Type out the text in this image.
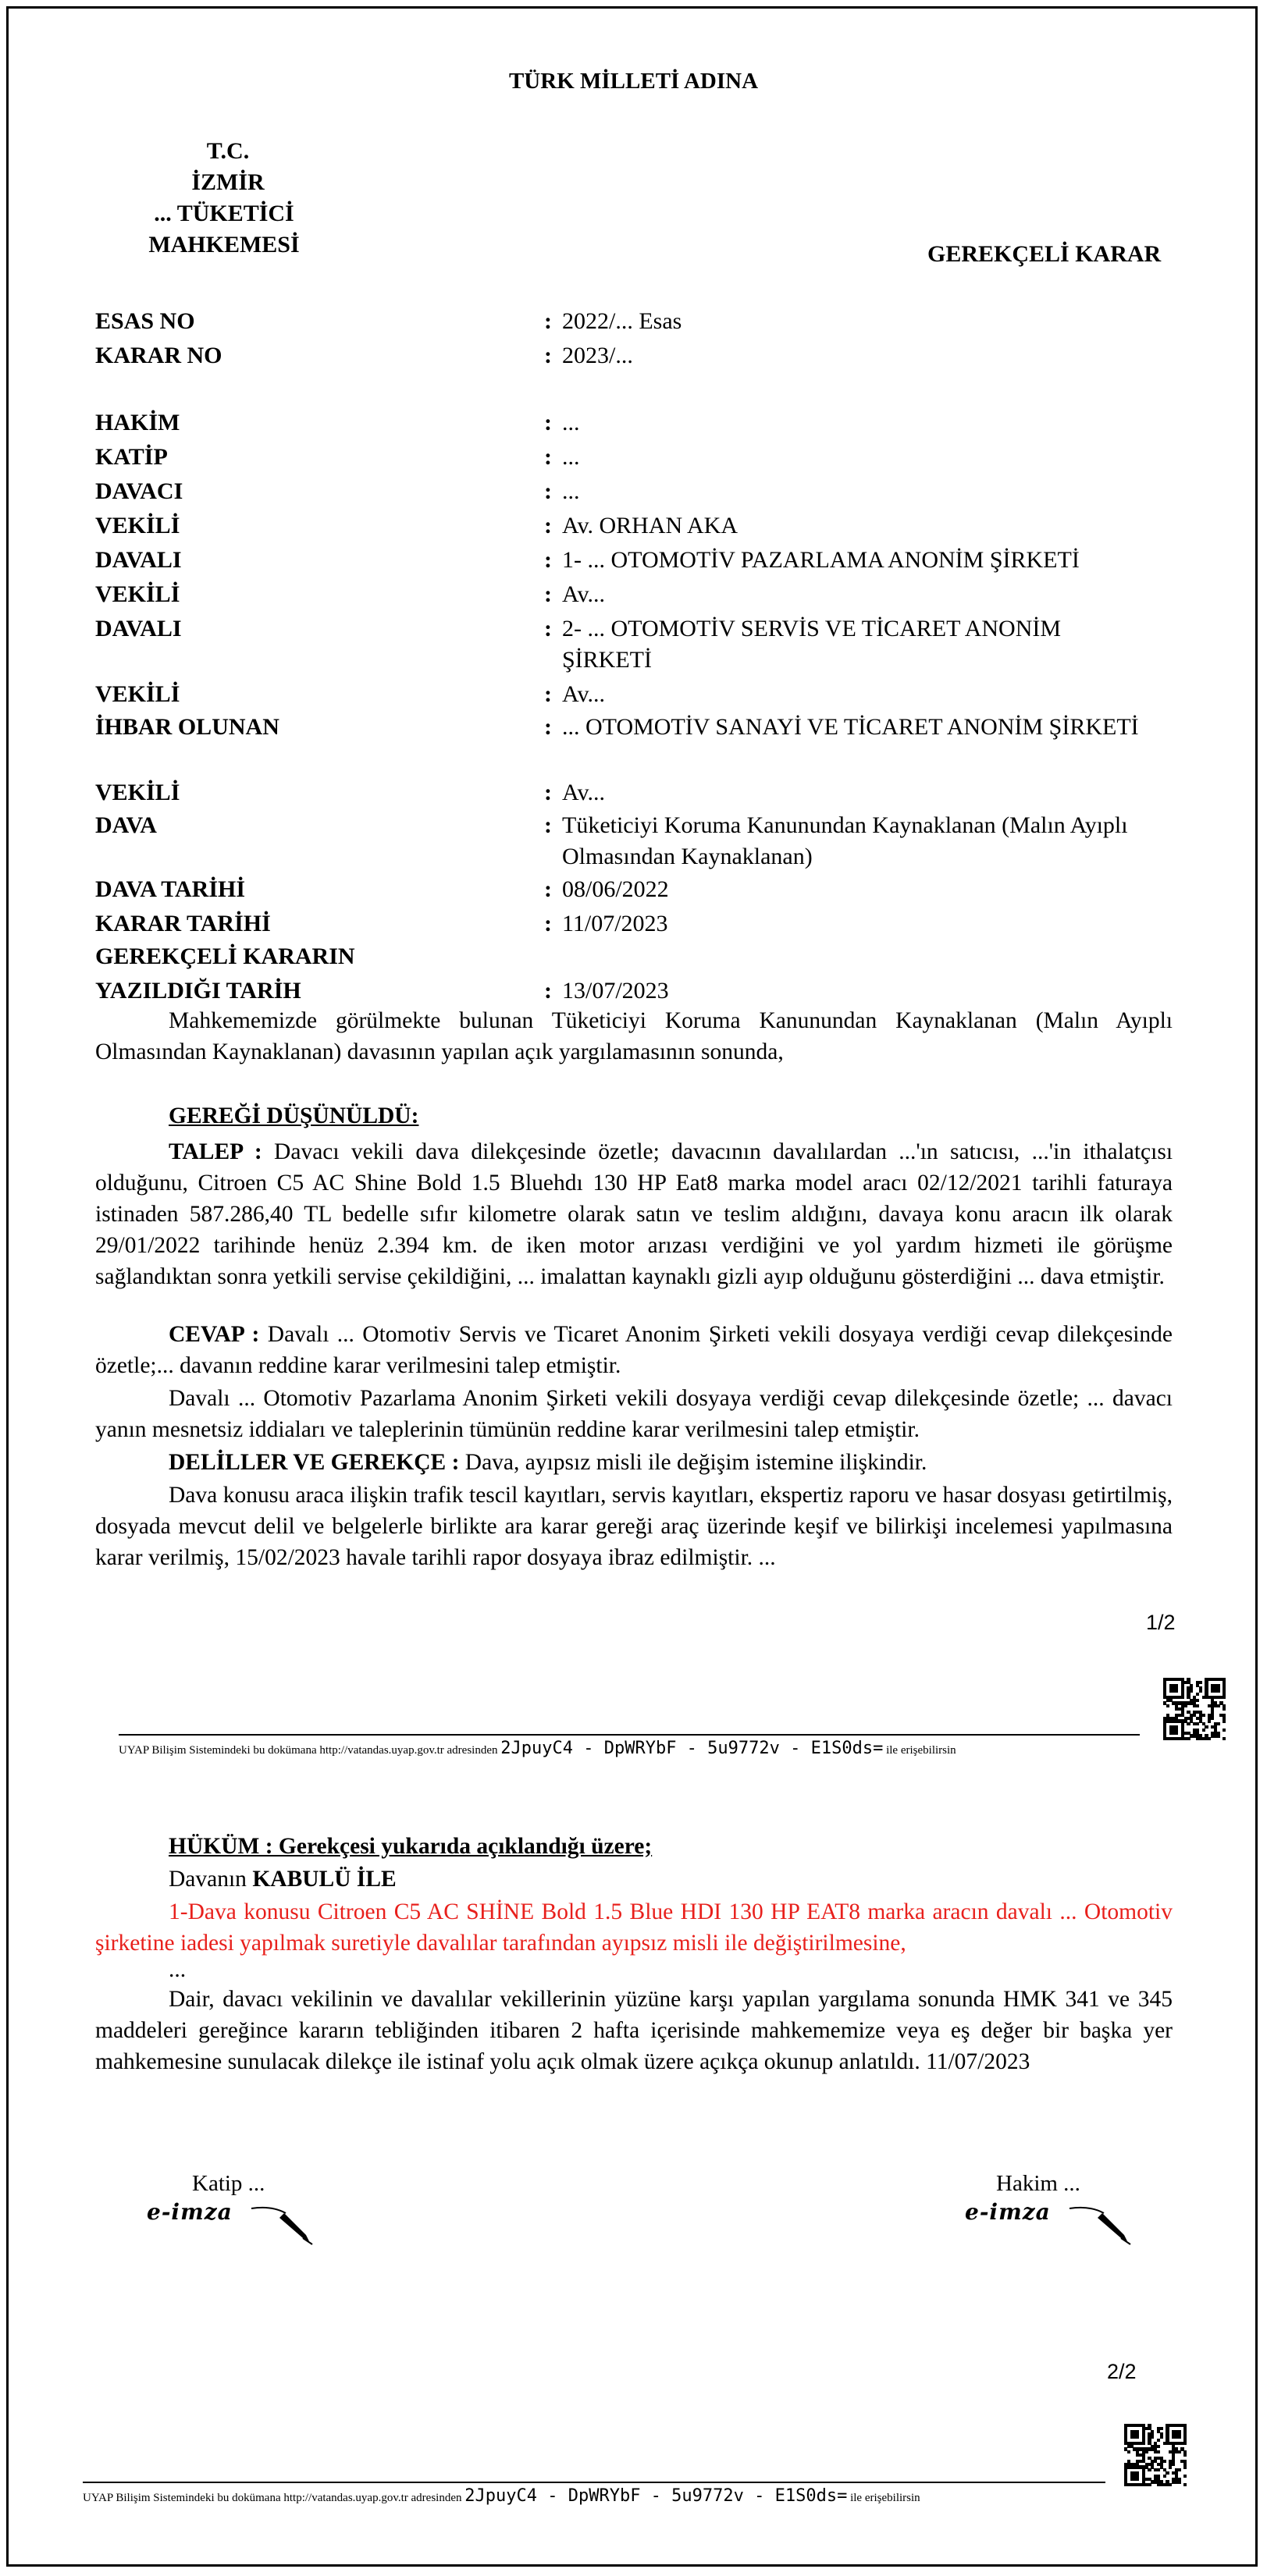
TÜRK MİLLETİ ADINA
T.C.
İZMİR
... TÜKETİCİ MAHKEMESİ	GEREKÇELİ KARAR
ESAS NO	: 2022/... Esas
KARAR NO	: 2023/...
HAKİM	: ...
KATİP	: ...
DAVACI	: ...
VEKİLİ	: Av. ORHAN AKA
DAVALI	: 1- ... OTOMOTİV PAZARLAMA ANONİM ŞİRKETİ
VEKİLİ	: Av...
DAVALI	: 2- ... OTOMOTİV SERVİS VE TİCARET ANONİM ŞİRKETİ
VEKİLİ	: Av...
İHBAR OLUNAN	: ... OTOMOTİV SANAYİ VE TİCARET ANONİM ŞİRKETİ
VEKİLİ	: Av...
DAVA	: Tüketiciyi Koruma Kanunundan Kaynaklanan (Malın Ayıplı Olmasından Kaynaklanan)
DAVA TARİHİ	: 08/06/2022
KARAR TARİHİ	: 11/07/2023
GEREKÇELİ KARARIN
YAZILDIĞI TARİH	: 13/07/2023
Mahkememizde görülmekte bulunan Tüketiciyi Koruma Kanunundan Kaynaklanan (Malın Ayıplı Olmasından Kaynaklanan) davasının yapılan açık yargılamasının sonunda,
GEREĞİ DÜŞÜNÜLDÜ:
TALEP : Davacı vekili dava dilekçesinde özetle; davacının davalılardan ...'ın satıcısı, ...'in ithalatçısı olduğunu, Citroen C5 AC Shine Bold 1.5 Bluehdı 130 HP Eat8 marka model aracı 02/12/2021 tarihli faturaya istinaden 587.286,40 TL bedelle sıfır kilometre olarak satın ve teslim aldığını, davaya konu aracın ilk olarak 29/01/2022 tarihinde henüz 2.394 km. de iken motor arızası verdiğini ve yol yardım hizmeti ile görüşme sağlandıktan sonra yetkili servise çekildiğini, ... imalattan kaynaklı gizli ayıp olduğunu gösterdiğini ... dava etmiştir.
CEVAP : Davalı ... Otomotiv Servis ve Ticaret Anonim Şirketi vekili dosyaya verdiği cevap dilekçesinde özetle;... davanın reddine karar verilmesini talep etmiştir.
Davalı ... Otomotiv Pazarlama Anonim Şirketi vekili dosyaya verdiği cevap dilekçesinde özetle; ... davacı yanın mesnetsiz iddiaları ve taleplerinin tümünün reddine karar verilmesini talep etmiştir.
DELİLLER VE GEREKÇE : Dava, ayıpsız misli ile değişim istemine ilişkindir.
Dava konusu araca ilişkin trafik tescil kayıtları, servis kayıtları, ekspertiz raporu ve hasar dosyası getirtilmiş, dosyada mevcut delil ve belgelerle birlikte ara karar gereği araç üzerinde keşif ve bilirkişi incelemesi yapılmasına karar verilmiş, 15/02/2023 havale tarihli rapor dosyaya ibraz edilmiştir. ...
1/2
UYAP Bilişim Sistemindeki bu dokümana http://vatandas.uyap.gov.tr adresinden 2JpuyC4 - DpWRYbF - 5u9772v - E1S0ds= ile erişebilirsin
HÜKÜM : Gerekçesi yukarıda açıklandığı üzere;
Davanın KABULÜ İLE
1-Dava konusu Citroen C5 AC SHİNE Bold 1.5 Blue HDI 130 HP EAT8 marka aracın davalı ... Otomotiv şirketine iadesi yapılmak suretiyle davalılar tarafından ayıpsız misli ile değiştirilmesine,
...
Dair, davacı vekilinin ve davalılar vekillerinin yüzüne karşı yapılan yargılama sonunda HMK 341 ve 345 maddeleri gereğince kararın tebliğinden itibaren 2 hafta içerisinde mahkememize veya eş değer bir başka yer mahkemesine sunulacak dilekçe ile istinaf yolu açık olmak üzere açıkça okunup anlatıldı. 11/07/2023
Katip ...
e-imza
Hakim ...
e-imza
2/2
UYAP Bilişim Sistemindeki bu dokümana http://vatandas.uyap.gov.tr adresinden 2JpuyC4 - DpWRYbF - 5u9772v - E1S0ds= ile erişebilirsin
